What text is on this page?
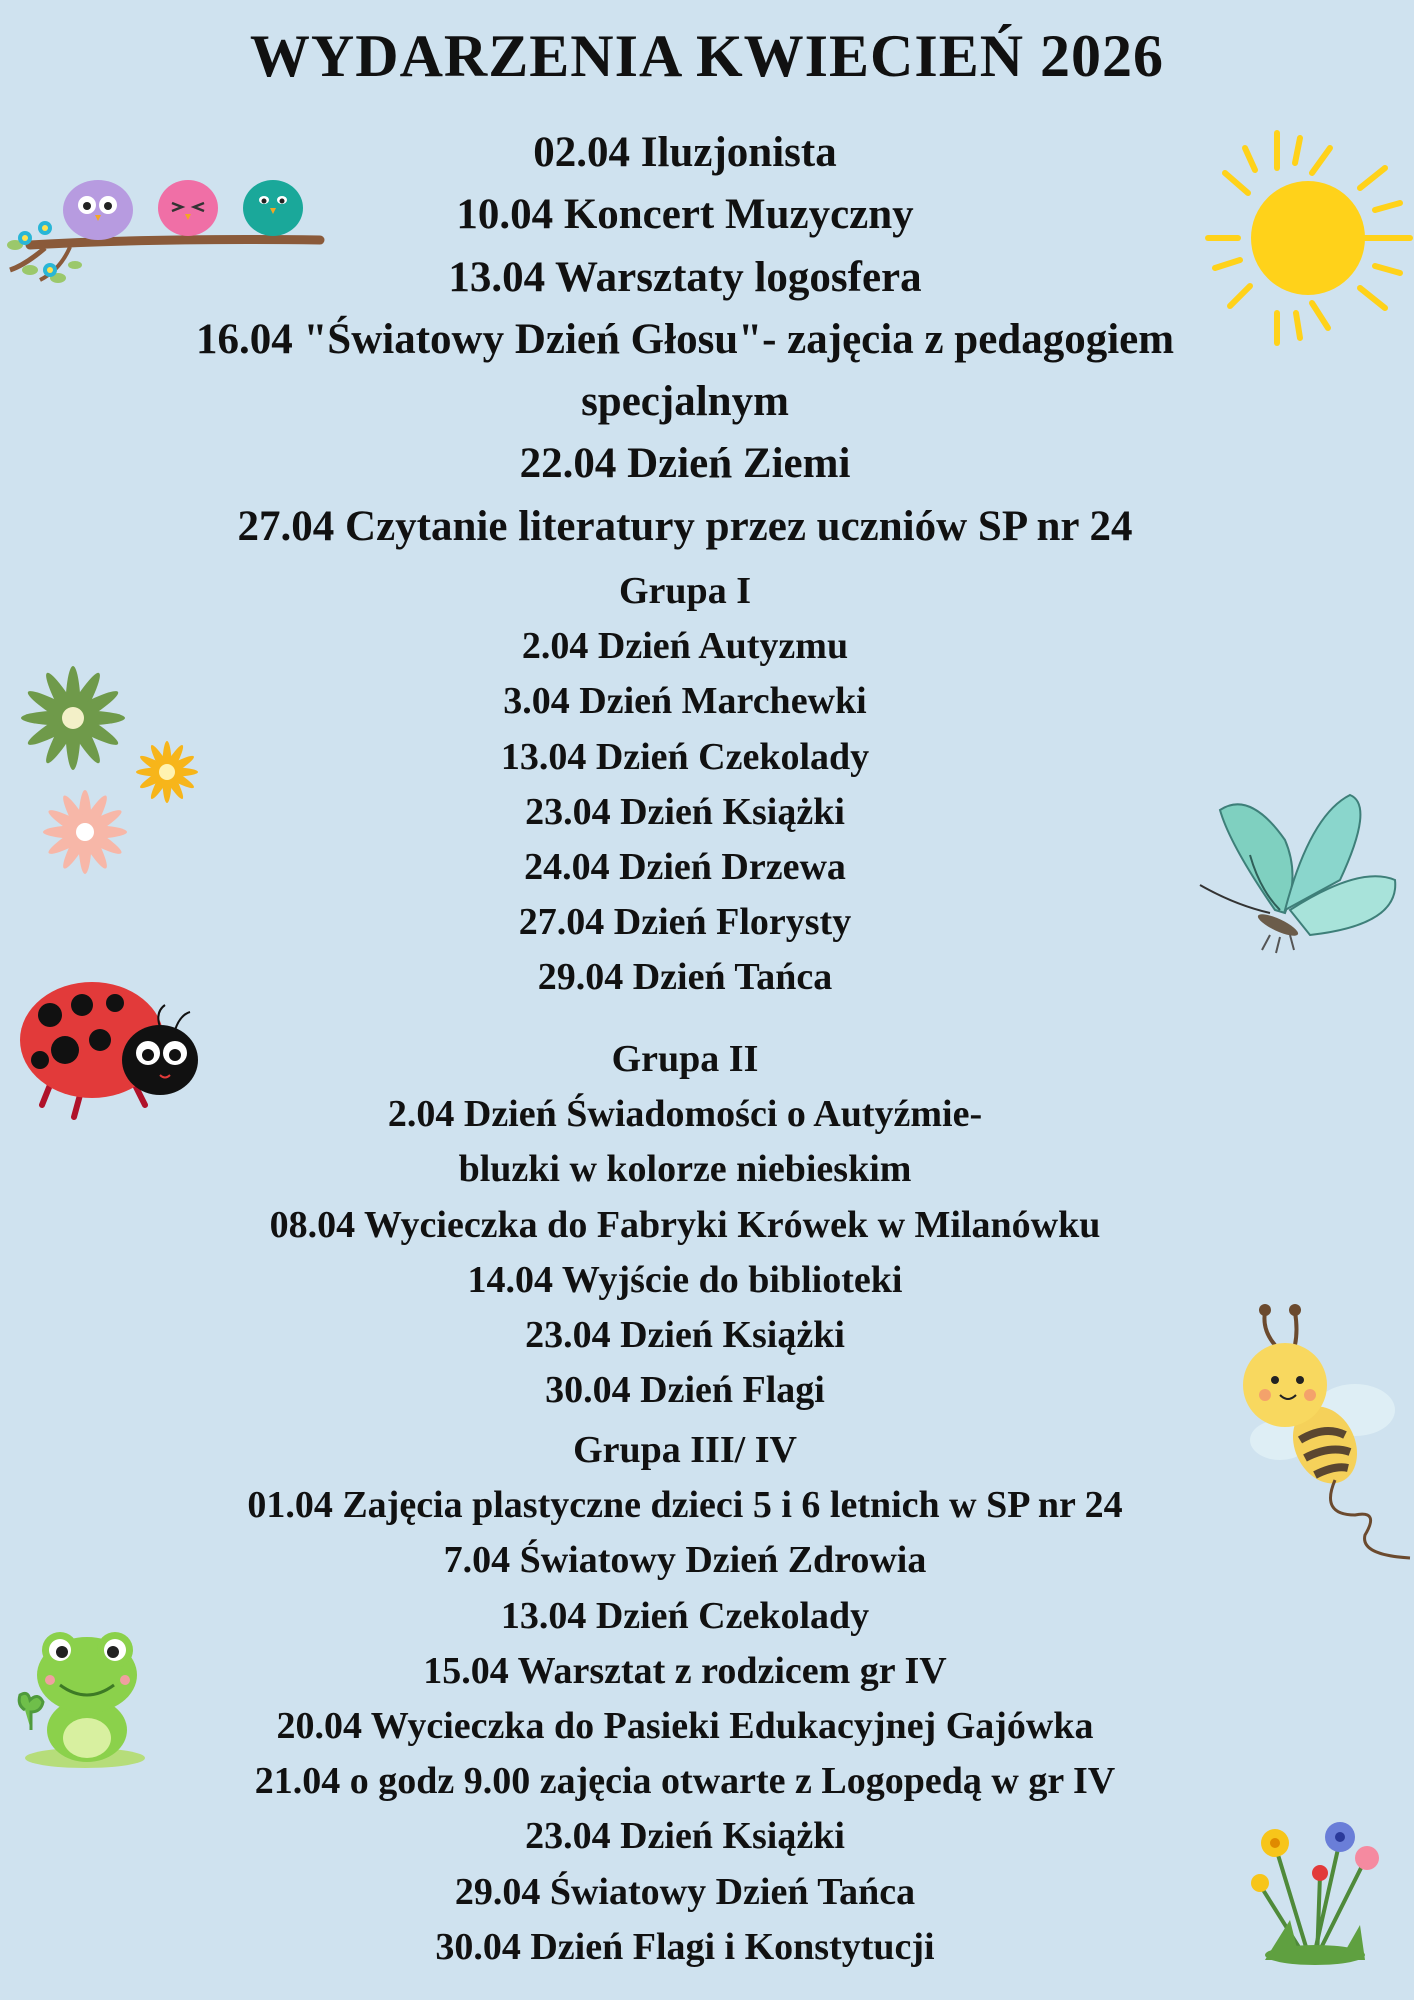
WYDARZENIA KWIECIEŃ 2026
02.04 Iluzjonista
10.04 Koncert Muzyczny
13.04 Warsztaty logosfera
16.04 "Światowy Dzień Głosu"- zajęcia z pedagogiem
specjalnym
22.04 Dzień Ziemi
27.04 Czytanie literatury przez uczniów SP nr 24
Grupa I
2.04 Dzień Autyzmu
3.04 Dzień Marchewki
13.04 Dzień Czekolady
23.04 Dzień Książki
24.04 Dzień Drzewa
27.04 Dzień Florysty
29.04 Dzień Tańca
Grupa II
2.04 Dzień Świadomości o Autyźmie-
bluzki w kolorze niebieskim
08.04 Wycieczka do Fabryki Krówek w Milanówku
14.04 Wyjście do biblioteki
23.04 Dzień Książki
30.04 Dzień Flagi
Grupa III/ IV
01.04 Zajęcia plastyczne dzieci 5 i 6 letnich w SP nr 24
7.04 Światowy Dzień Zdrowia
13.04 Dzień Czekolady
15.04 Warsztat z rodzicem gr IV
20.04 Wycieczka do Pasieki Edukacyjnej Gajówka
21.04 o godz 9.00 zajęcia otwarte z Logopedą w gr IV
23.04 Dzień Książki
29.04 Światowy Dzień Tańca
30.04 Dzień Flagi i Konstytucji
